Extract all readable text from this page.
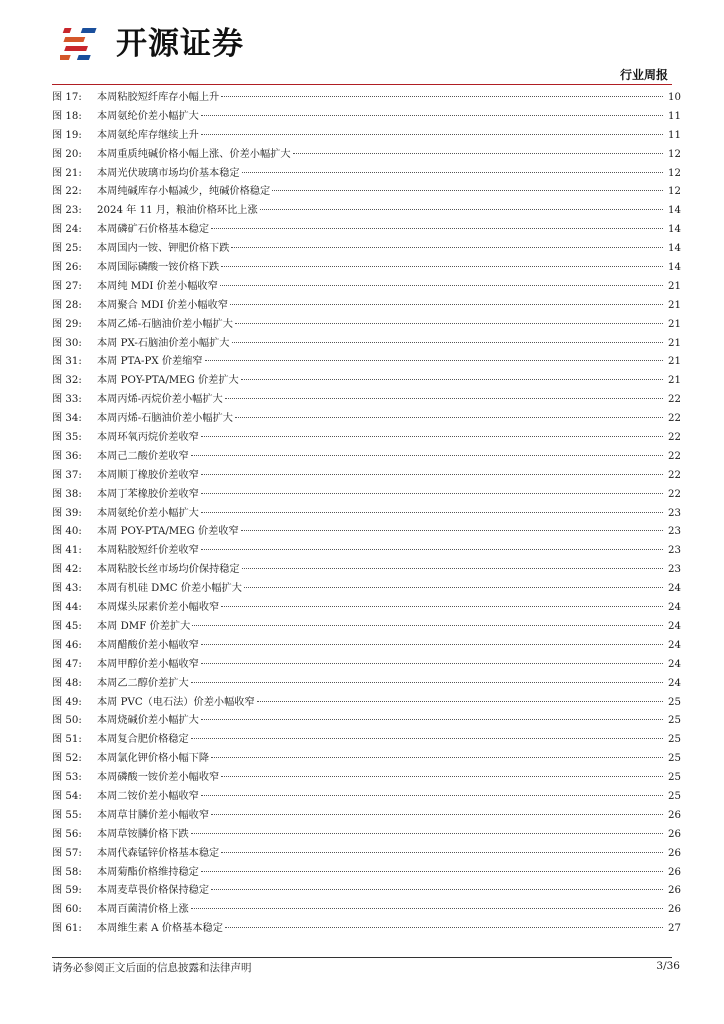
开源证券
行业周报
图 17:	本周粘胶短纤库存小幅上升	10
图 18:	本周氨纶价差小幅扩大	11
图 19:	本周氨纶库存继续上升	11
图 20:	本周重质纯碱价格小幅上涨、价差小幅扩大	12
图 21:	本周光伏玻璃市场均价基本稳定	12
图 22:	本周纯碱库存小幅减少，纯碱价格稳定	12
图 23:	2024 年 11 月，粮油价格环比上涨	14
图 24:	本周磷矿石价格基本稳定	14
图 25:	本周国内一铵、钾肥价格下跌	14
图 26:	本周国际磷酸一铵价格下跌	14
图 27:	本周纯 MDI 价差小幅收窄	21
图 28:	本周聚合 MDI 价差小幅收窄	21
图 29:	本周乙烯-石脑油价差小幅扩大	21
图 30:	本周 PX-石脑油价差小幅扩大	21
图 31:	本周 PTA-PX 价差缩窄	21
图 32:	本周 POY-PTA/MEG 价差扩大	21
图 33:	本周丙烯-丙烷价差小幅扩大	22
图 34:	本周丙烯-石脑油价差小幅扩大	22
图 35:	本周环氧丙烷价差收窄	22
图 36:	本周己二酸价差收窄	22
图 37:	本周顺丁橡胶价差收窄	22
图 38:	本周丁苯橡胶价差收窄	22
图 39:	本周氨纶价差小幅扩大	23
图 40:	本周 POY-PTA/MEG 价差收窄	23
图 41:	本周粘胶短纤价差收窄	23
图 42:	本周粘胶长丝市场均价保持稳定	23
图 43:	本周有机硅 DMC 价差小幅扩大	24
图 44:	本周煤头尿素价差小幅收窄	24
图 45:	本周 DMF 价差扩大	24
图 46:	本周醋酸价差小幅收窄	24
图 47:	本周甲醇价差小幅收窄	24
图 48:	本周乙二醇价差扩大	24
图 49:	本周 PVC（电石法）价差小幅收窄	25
图 50:	本周烧碱价差小幅扩大	25
图 51:	本周复合肥价格稳定	25
图 52:	本周氯化钾价格小幅下降	25
图 53:	本周磷酸一铵价差小幅收窄	25
图 54:	本周二铵价差小幅收窄	25
图 55:	本周草甘膦价差小幅收窄	26
图 56:	本周草铵膦价格下跌	26
图 57:	本周代森锰锌价格基本稳定	26
图 58:	本周菊酯价格维持稳定	26
图 59:	本周麦草畏价格保持稳定	26
图 60:	本周百菌清价格上涨	26
图 61:	本周维生素 A 价格基本稳定	27
请务必参阅正文后面的信息披露和法律声明	3/36
